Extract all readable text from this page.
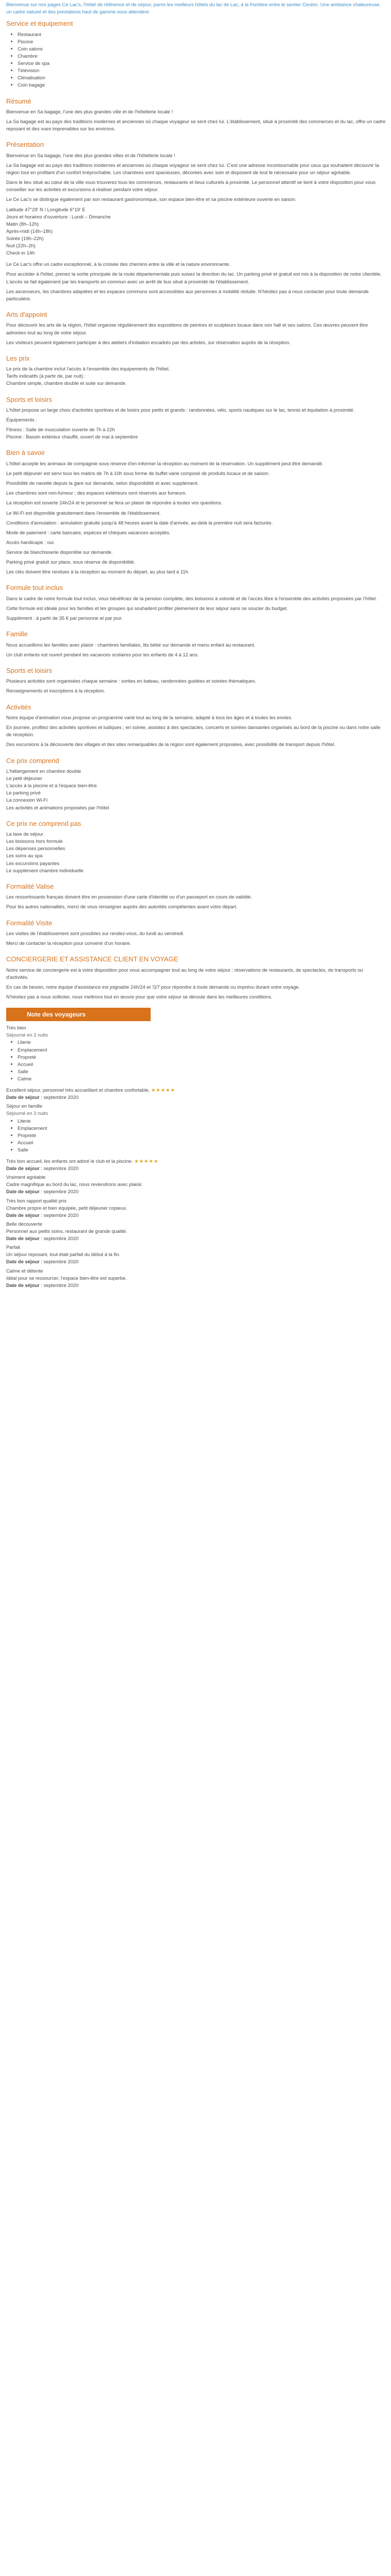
Bienvenue sur nos pages Ce Lac's, l'hôtel de référence et de séjour, parmi les meilleurs hôtels du lac de Lac, à la frontière entre le sentier Ceulon. Une ambiance chaleureuse, un cadre naturel et des prestations haut de gamme vous attendent.

Service et équipement
• Restaurant
• Piscine
• Coin salons
• Chambre
• Service de spa
• Télévision
• Climatisation
• Coin bagage
Résumé

Bienvenue en Sa bagage, l'une des plus grandes ville et de l'hôtellerie locale !

La Sa bagage est au pays des traditions modernes et anciennes où chaque voyageur se sent chez lui. L'établissement, situé à proximité des commerces et du lac, offre un cadre reposant et des vues imprenables sur les environs.

Présentation

Bienvenue en Sa bagage, l'une des plus grandes villes et de l'hôtellerie locale !

La Sa bagage est au pays des traditions modernes et anciennes où chaque voyageur se sent chez lui. C'est une adresse incontournable pour ceux qui souhaitent découvrir la région tout en profitant d'un confort irréprochable. Les chambres sont spacieuses, décorées avec soin et disposent de tout le nécessaire pour un séjour agréable.

Dans le lieu situé au cœur de la ville vous trouverez tous les commerces, restaurants et lieux culturels à proximité. Le personnel attentif se tient à votre disposition pour vous conseiller sur les activités et excursions à réaliser pendant votre séjour.

Le Ce Lac's se distingue également par son restaurant gastronomique, son espace bien-être et sa piscine extérieure ouverte en saison.

Latitude 47°29' N / Longitude 6°19' E
Jours et horaires d'ouverture : Lundi – Dimanche
Matin (8h–12h)
Après-midi (14h–18h)
Soirée (19h–22h)
Nuit (22h–2h)
Check-in 14h

Le Ce Lac's offre un cadre exceptionnel, à la croisée des chemins entre la ville et la nature environnante.

Pour accéder à l'hôtel, prenez la sortie principale de la route départementale puis suivez la direction du lac. Un parking privé et gratuit est mis à la disposition de notre clientèle. L'accès se fait également par les transports en commun avec un arrêt de bus situé à proximité de l'établissement.

Les ascenseurs, les chambres adaptées et les espaces communs sont accessibles aux personnes à mobilité réduite. N'hésitez pas à nous contacter pour toute demande particulière.

Arts d'appoint

Pour découvrir les arts de la région, l'hôtel organise régulièrement des expositions de peintres et sculpteurs locaux dans son hall et ses salons. Ces œuvres peuvent être admirées tout au long de votre séjour.

Les visiteurs peuvent également participer à des ateliers d'initiation encadrés par des artistes, sur réservation auprès de la réception.

Les prix
Le prix de la chambre inclut l'accès à l'ensemble des équipements de l'hôtel.
Tarifs indicatifs (à partir de, par nuit) :
Chambre simple, chambre double et suite sur demande.
Sports et loisirs

L'hôtel propose un large choix d'activités sportives et de loisirs pour petits et grands : randonnées, vélo, sports nautiques sur le lac, tennis et équitation à proximité.

Équipements :

Fitness : Salle de musculation ouverte de 7h à 22h
Piscine : Bassin extérieur chauffé, ouvert de mai à septembre
Bien à savoir

L'hôtel accepte les animaux de compagnie sous réserve d'en informer la réception au moment de la réservation. Un supplément peut être demandé.

Le petit déjeuner est servi tous les matins de 7h à 10h sous forme de buffet varié composé de produits locaux et de saison.

Possibilité de navette depuis la gare sur demande, selon disponibilité et avec supplément.

Les chambres sont non-fumeur ; des espaces extérieurs sont réservés aux fumeurs.

La réception est ouverte 24h/24 et le personnel se fera un plaisir de répondre à toutes vos questions.

Le Wi-Fi est disponible gratuitement dans l'ensemble de l'établissement.

Conditions d'annulation : annulation gratuite jusqu'à 48 heures avant la date d'arrivée, au-delà la première nuit sera facturée.

Mode de paiement : carte bancaire, espèces et chèques vacances acceptés.

Accès handicapé : oui.

Service de blanchisserie disponible sur demande.

Parking privé gratuit sur place, sous réserve de disponibilité.

Les clés doivent être rendues à la réception au moment du départ, au plus tard à 11h.

Formule tout inclus

Dans le cadre de notre formule tout inclus, vous bénéficiez de la pension complète, des boissons à volonté et de l'accès libre à l'ensemble des activités proposées par l'hôtel.

Cette formule est idéale pour les familles et les groupes qui souhaitent profiter pleinement de leur séjour sans se soucier du budget.

Supplément : à partir de 35 € par personne et par jour.

Famille

Nous accueillons les familles avec plaisir : chambres familiales, lits bébé sur demande et menu enfant au restaurant.

Un club enfants est ouvert pendant les vacances scolaires pour les enfants de 4 à 12 ans.

Sports et loisirs

Plusieurs activités sont organisées chaque semaine : sorties en bateau, randonnées guidées et soirées thématiques.

Renseignements et inscriptions à la réception.

Activités

Notre équipe d'animation vous propose un programme varié tout au long de la semaine, adapté à tous les âges et à toutes les envies.

En journée, profitez des activités sportives et ludiques ; en soirée, assistez à des spectacles, concerts et soirées dansantes organisés au bord de la piscine ou dans notre salle de réception.

Des excursions à la découverte des villages et des sites remarquables de la région sont également proposées, avec possibilité de transport depuis l'hôtel.

Ce prix comprend
L'hébergement en chambre double
Le petit déjeuner
L'accès à la piscine et à l'espace bien-être
Le parking privé
La connexion Wi-Fi
Les activités et animations proposées par l'hôtel
Ce prix ne comprend pas
La taxe de séjour
Les boissons hors formule
Les dépenses personnelles
Les soins au spa
Les excursions payantes
Le supplément chambre individuelle
Formalité Valise

Les ressortissants français doivent être en possession d'une carte d'identité ou d'un passeport en cours de validité.

Pour les autres nationalités, merci de vous renseigner auprès des autorités compétentes avant votre départ.

Formalité Visite

Les visites de l'établissement sont possibles sur rendez-vous, du lundi au vendredi.

Merci de contacter la réception pour convenir d'un horaire.

CONCIERGERIE ET ASSISTANCE CLIENT EN VOYAGE

Notre service de conciergerie est à votre disposition pour vous accompagner tout au long de votre séjour : réservations de restaurants, de spectacles, de transports ou d'activités.

En cas de besoin, notre équipe d'assistance est joignable 24h/24 et 7j/7 pour répondre à toute demande ou imprévu durant votre voyage.

N'hésitez pas à nous solliciter, nous mettrons tout en œuvre pour que votre séjour se déroule dans les meilleures conditions.

Note des voyageurs

Très bien

Séjourné en 2 nuits

• Literie
• Emplacement
• Propreté
• Accueil
• Salle
• Calme

Excellent séjour, personnel très accueillant et chambre confortable. ★★★★★

Date de séjour : septembre 2020

Séjour en famille

Séjourné en 3 nuits

• Literie
• Emplacement
• Propreté
• Accueil
• Salle

Très bon accueil, les enfants ont adoré le club et la piscine. ★★★★★

Date de séjour : septembre 2020

Vraiment agréable

Cadre magnifique au bord du lac, nous reviendrons avec plaisir.

Date de séjour : septembre 2020

Très bon rapport qualité prix

Chambre propre et bien équipée, petit déjeuner copieux.

Date de séjour : septembre 2020

Belle découverte

Personnel aux petits soins, restaurant de grande qualité.

Date de séjour : septembre 2020

Parfait

Un séjour reposant, tout était parfait du début à la fin.

Date de séjour : septembre 2020

Calme et détente

Idéal pour se ressourcer, l'espace bien-être est superbe.

Date de séjour : septembre 2020
